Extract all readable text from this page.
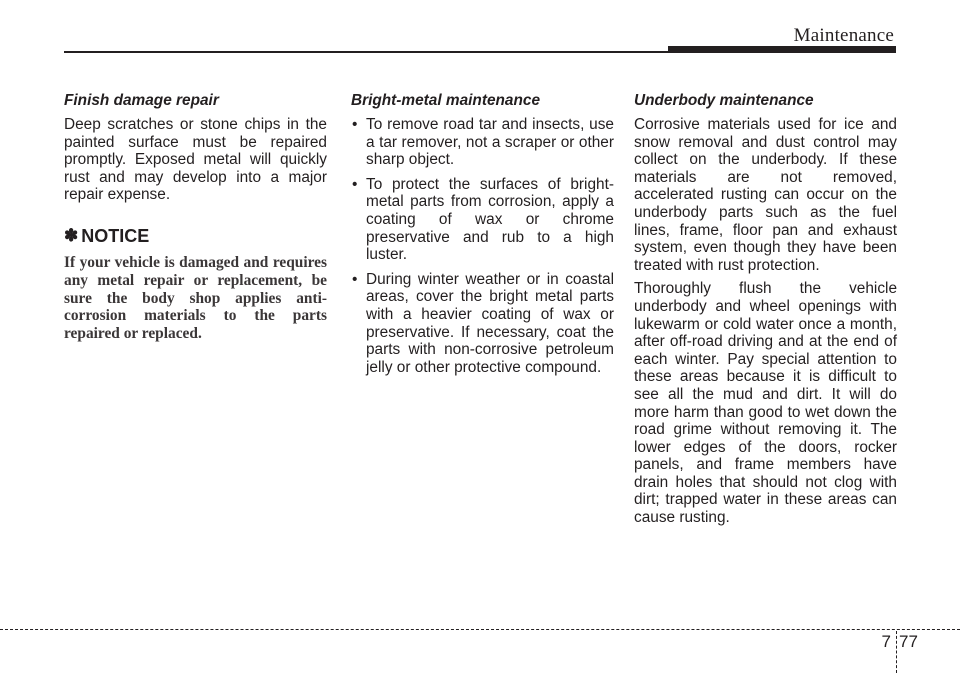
Maintenance
Finish damage repair

Deep scratches or stone chips in the painted surface must be repaired promptly. Exposed metal will quickly rust and may develop into a major repair expense.

✽ NOTICE

If your vehicle is damaged and requires any metal repair or replacement, be sure the body shop applies anti-corrosion materials to the parts repaired or replaced.

Bright-metal maintenance
• To remove road tar and insects, use a tar remover, not a scraper or other sharp object.
• To protect the surfaces of bright-metal parts from corrosion, apply a coating of wax or chrome preservative and rub to a high luster.
• During winter weather or in coastal areas, cover the bright metal parts with a heavier coating of wax or preservative. If necessary, coat the parts with non-corrosive petroleum jelly or other protective compound.
Underbody maintenance

Corrosive materials used for ice and snow removal and dust control may collect on the underbody. If these materials are not removed, accelerated rusting can occur on the underbody parts such as the fuel lines, frame, floor pan and exhaust system, even though they have been treated with rust protection.

Thoroughly flush the vehicle underbody and wheel openings with lukewarm or cold water once a month, after off-road driving and at the end of each winter. Pay special attention to these areas because it is difficult to see all the mud and dirt. It will do more harm than good to wet down the road grime without removing it. The lower edges of the doors, rocker panels, and frame members have drain holes that should not clog with dirt; trapped water in these areas can cause rusting.

7 77
